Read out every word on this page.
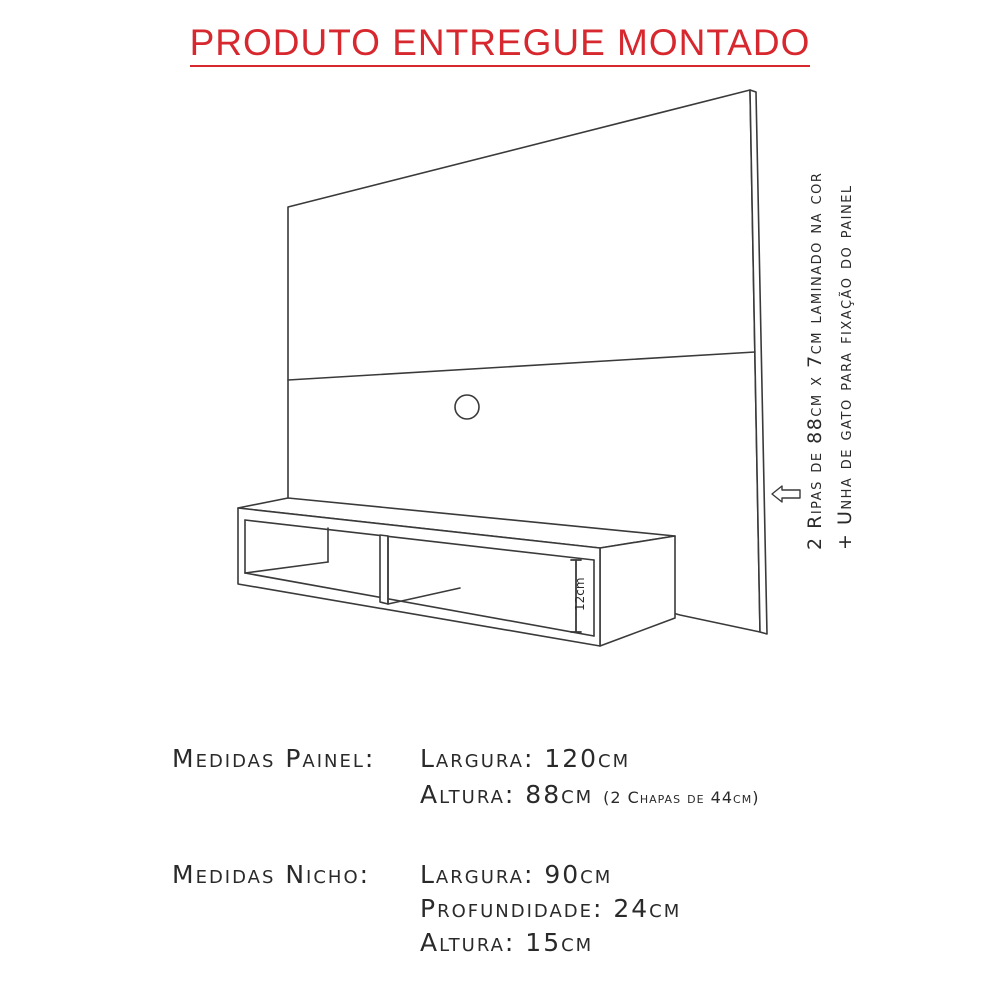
PRODUTO ENTREGUE MONTADO
12cm
2 Ripas de 88cm x 7cm laminado na cor + Unha de gato para fixação do painel
Medidas Painel: Largura: 120cm
Altura: 88cm (2 Chapas de 44cm)
Medidas Nicho: Largura: 90cm
Profundidade: 24cm
Altura: 15cm
